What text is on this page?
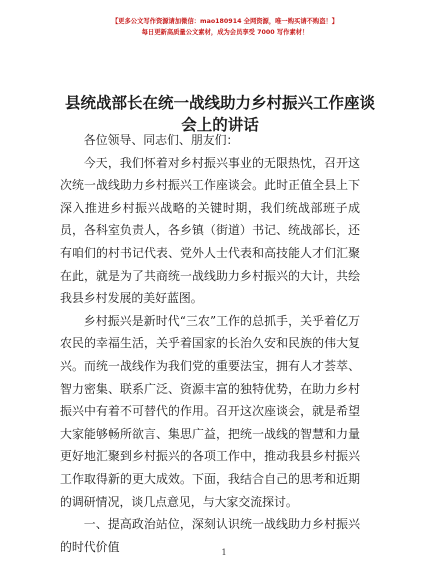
【更多公文写作资源请加微信：mao180914 全网资源，唯一购买请不购盗！】
每日更新高质量公文素材，成为会员享受 7000 写作素材！
县统战部长在统一战线助力乡村振兴工作座谈
会上的讲话

各位领导、同志们、朋友们：

今天，我们怀着对乡村振兴事业的无限热忱，召开这次统一战线助力乡村振兴工作座谈会。此时正值全县上下深入推进乡村振兴战略的关键时期，我们统战部班子成员，各科室负责人，各乡镇（街道）书记、统战部长，还有咱们的村书记代表、党外人士代表和高技能人才们汇聚在此，就是为了共商统一战线助力乡村振兴的大计，共绘我县乡村发展的美好蓝图。

乡村振兴是新时代“三农”工作的总抓手，关乎着亿万农民的幸福生活，关乎着国家的长治久安和民族的伟大复兴。而统一战线作为我们党的重要法宝，拥有人才荟萃、智力密集、联系广泛、资源丰富的独特优势，在助力乡村振兴中有着不可替代的作用。召开这次座谈会，就是希望大家能够畅所欲言、集思广益，把统一战线的智慧和力量更好地汇聚到乡村振兴的各项工作中，推动我县乡村振兴工作取得新的更大成效。下面，我结合自己的思考和近期的调研情况，谈几点意见，与大家交流探讨。

一、提高政治站位，深刻认识统一战线助力乡村振兴的时代价值	1
